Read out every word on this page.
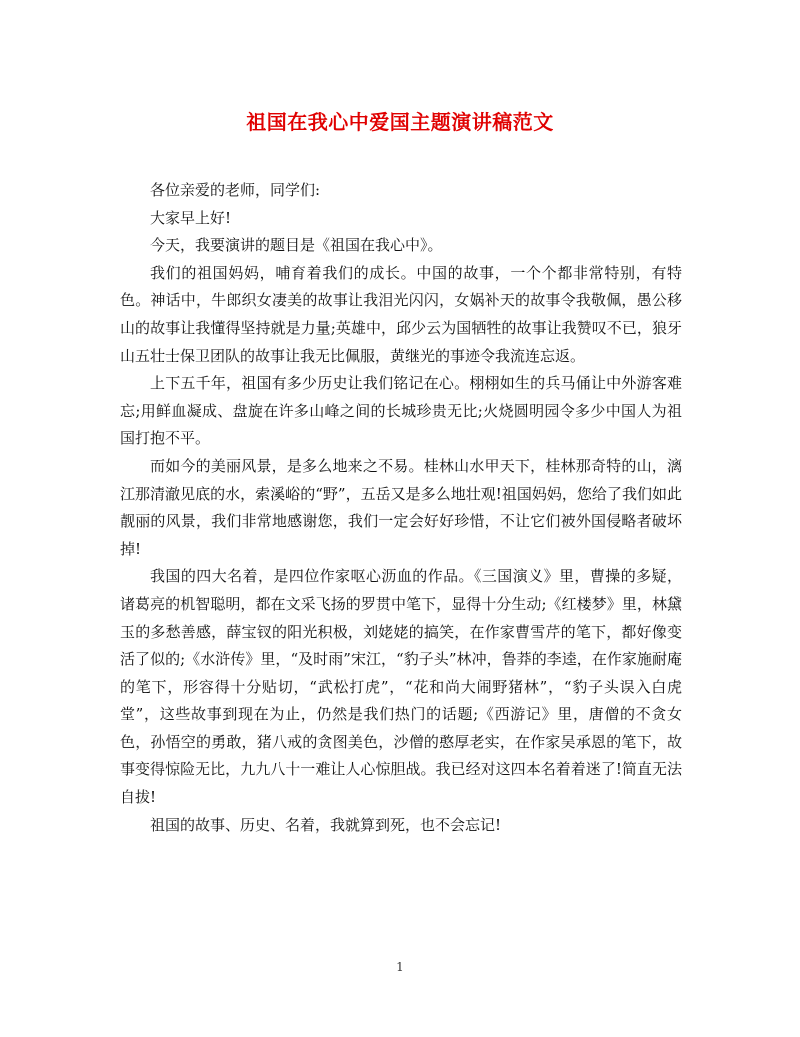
祖国在我心中爱国主题演讲稿范文

各位亲爱的老师，同学们:

大家早上好!

今天，我要演讲的题目是《祖国在我心中》。

我们的祖国妈妈，哺育着我们的成长。中国的故事，一个个都非常特别，有特色。神话中，牛郎织女凄美的故事让我泪光闪闪，女娲补天的故事令我敬佩，愚公移山的故事让我懂得坚持就是力量;英雄中，邱少云为国牺牲的故事让我赞叹不已，狼牙山五壮士保卫团队的故事让我无比佩服，黄继光的事迹令我流连忘返。

上下五千年，祖国有多少历史让我们铭记在心。栩栩如生的兵马俑让中外游客难忘;用鲜血凝成、盘旋在许多山峰之间的长城珍贵无比;火烧圆明园令多少中国人为祖国打抱不平。

而如今的美丽风景，是多么地来之不易。桂林山水甲天下，桂林那奇特的山，漓江那清澈见底的水，索溪峪的“野”，五岳又是多么地壮观!祖国妈妈，您给了我们如此靓丽的风景，我们非常地感谢您，我们一定会好好珍惜，不让它们被外国侵略者破坏掉!

我国的四大名着，是四位作家呕心沥血的作品。《三国演义》里，曹操的多疑，诸葛亮的机智聪明，都在文采飞扬的罗贯中笔下，显得十分生动;《红楼梦》里，林黛玉的多愁善感，薛宝钗的阳光积极，刘姥姥的搞笑，在作家曹雪芹的笔下，都好像变活了似的;《水浒传》里，“及时雨”宋江，“豹子头”林冲，鲁莽的李逵，在作家施耐庵的笔下，形容得十分贴切，“武松打虎”，“花和尚大闹野猪林”，“豹子头误入白虎堂”，这些故事到现在为止，仍然是我们热门的话题;《西游记》里，唐僧的不贪女色，孙悟空的勇敢，猪八戒的贪图美色，沙僧的憨厚老实，在作家吴承恩的笔下，故事变得惊险无比，九九八十一难让人心惊胆战。我已经对这四本名着着迷了!简直无法自拔!

祖国的故事、历史、名着，我就算到死，也不会忘记!

1
